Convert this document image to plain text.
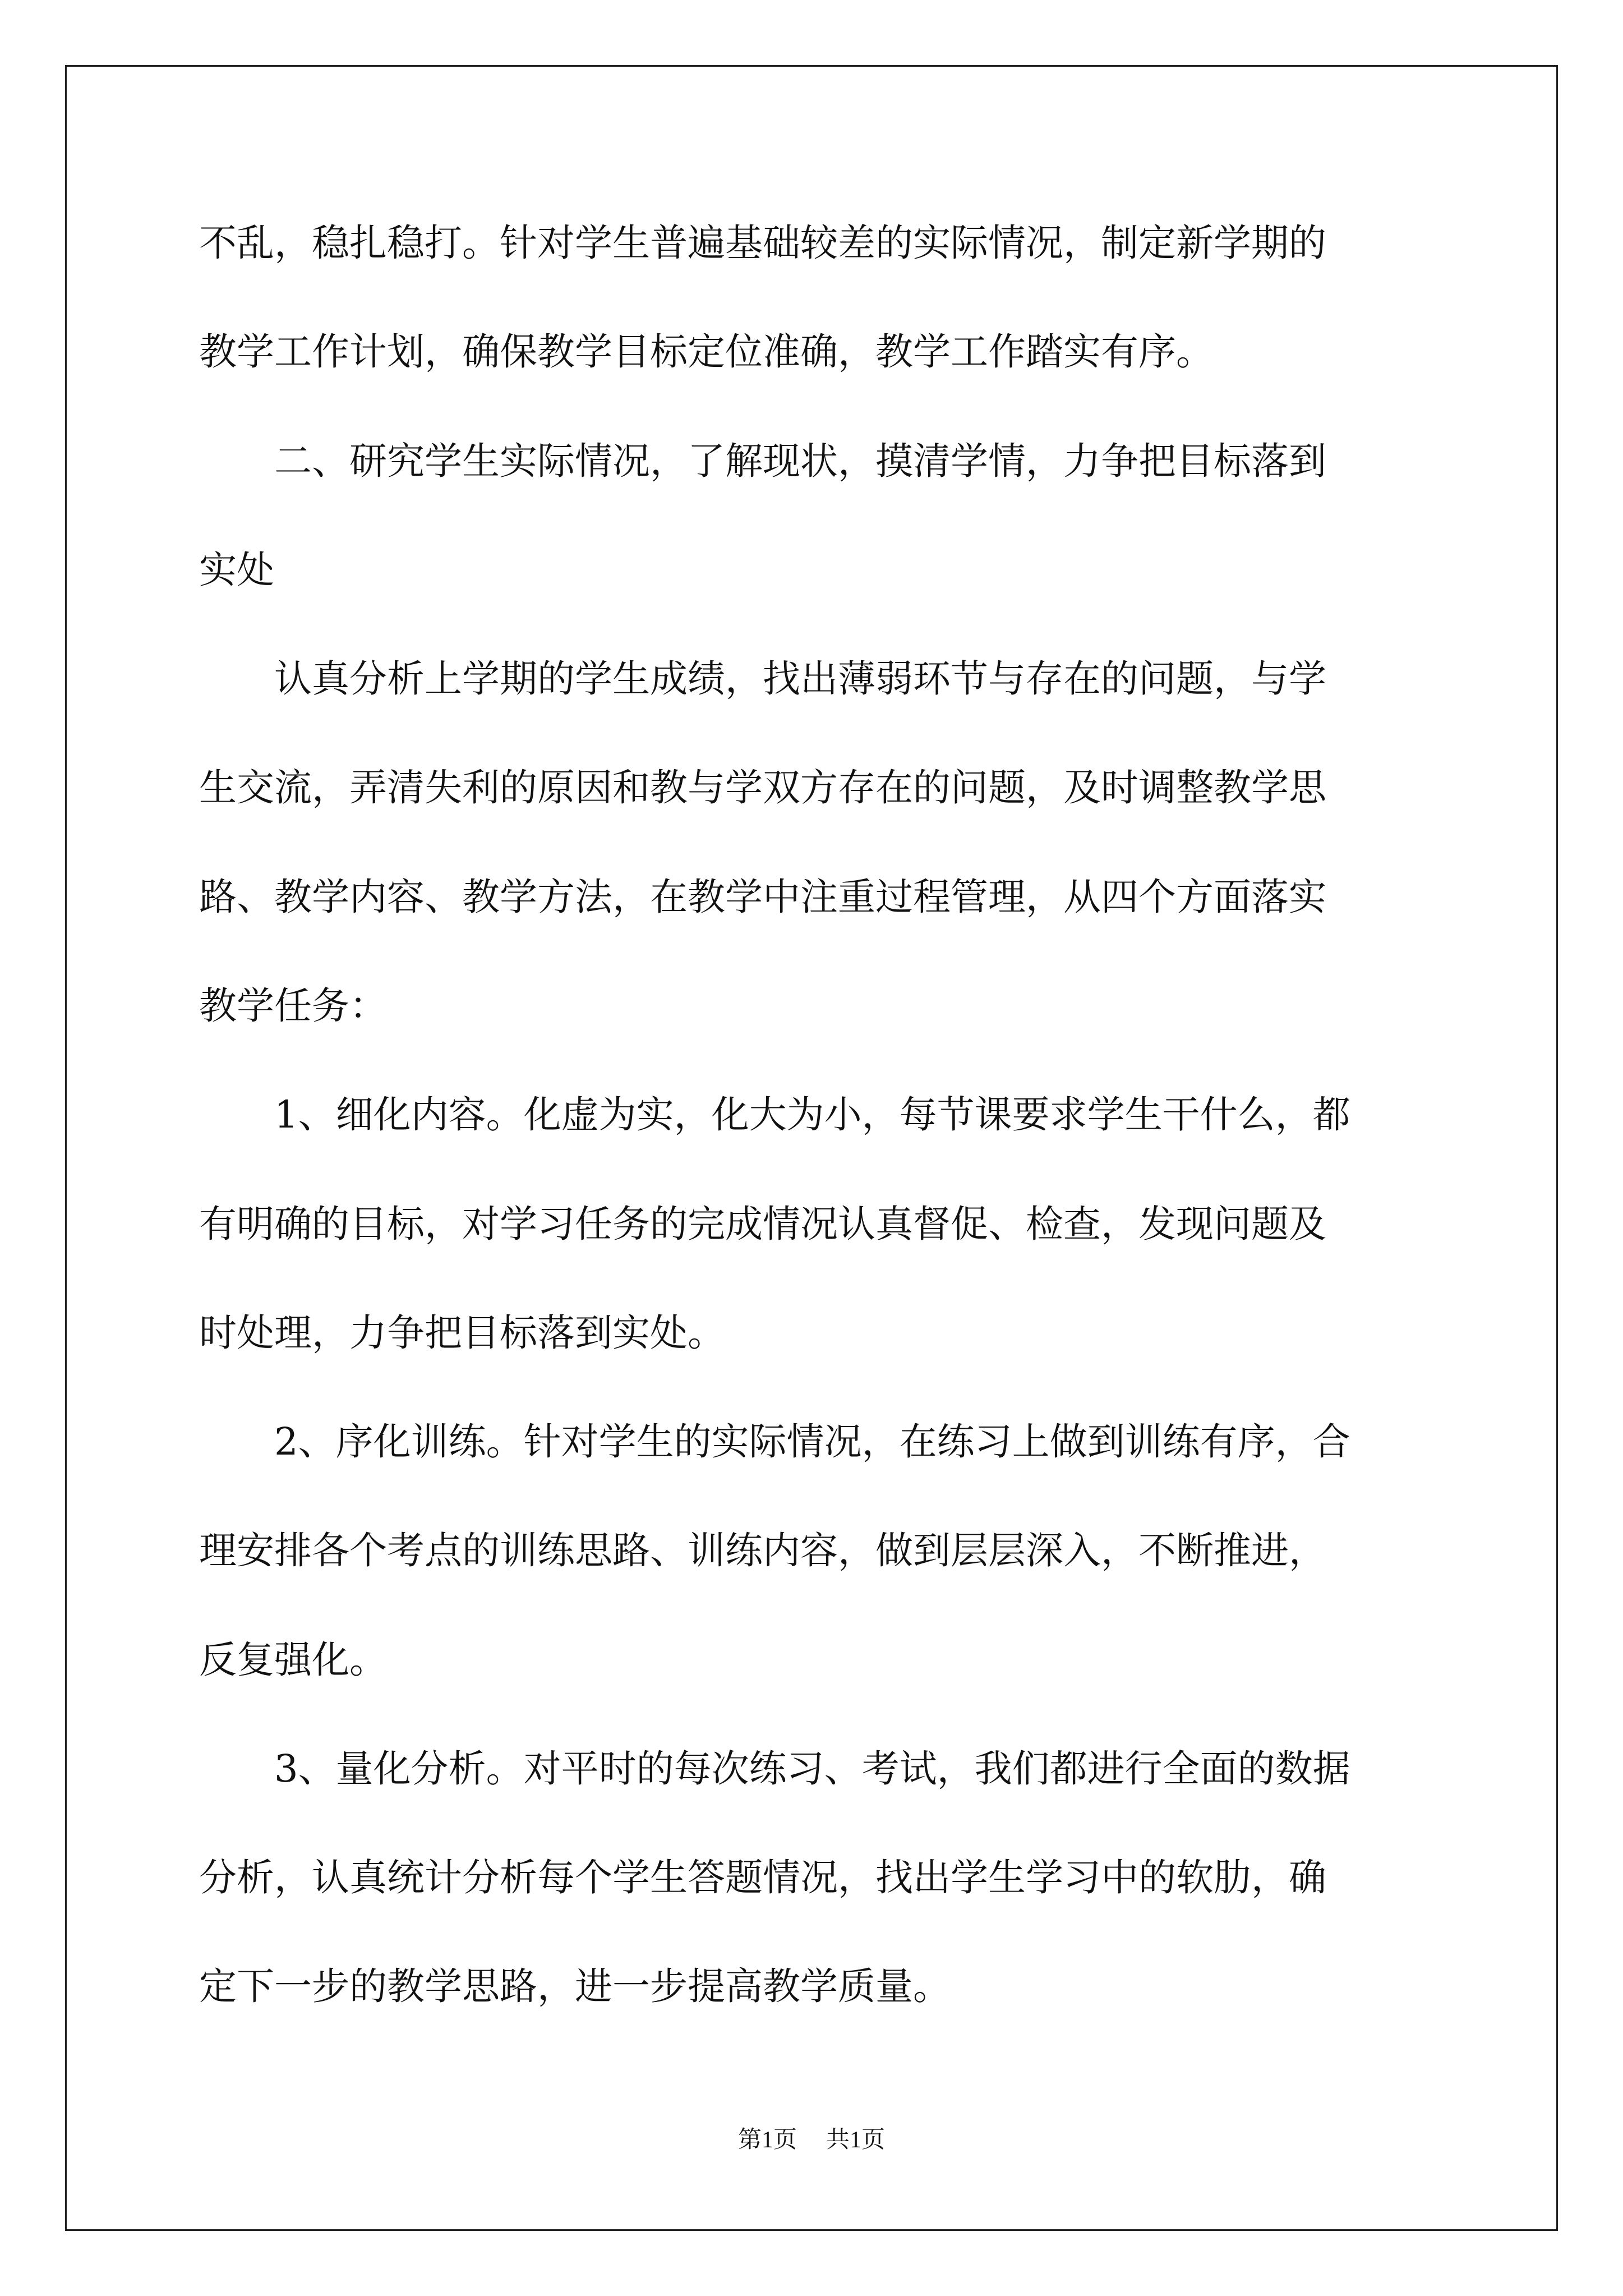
不乱，稳扎稳打。针对学生普遍基础较差的实际情况，制定新学期的
教学工作计划，确保教学目标定位准确，教学工作踏实有序。
　　二、研究学生实际情况，了解现状，摸清学情，力争把目标落到
实处
　　认真分析上学期的学生成绩，找出薄弱环节与存在的问题，与学
生交流，弄清失利的原因和教与学双方存在的问题，及时调整教学思
路、教学内容、教学方法，在教学中注重过程管理，从四个方面落实
教学任务：
　　1、细化内容。化虚为实，化大为小，每节课要求学生干什么，都
有明确的目标，对学习任务的完成情况认真督促、检查，发现问题及
时处理，力争把目标落到实处。
　　2、序化训练。针对学生的实际情况，在练习上做到训练有序，合
理安排各个考点的训练思路、训练内容，做到层层深入，不断推进，
反复强化。
　　3、量化分析。对平时的每次练习、考试，我们都进行全面的数据
分析，认真统计分析每个学生答题情况，找出学生学习中的软肋，确
定下一步的教学思路，进一步提高教学质量。
第1页 共1页
